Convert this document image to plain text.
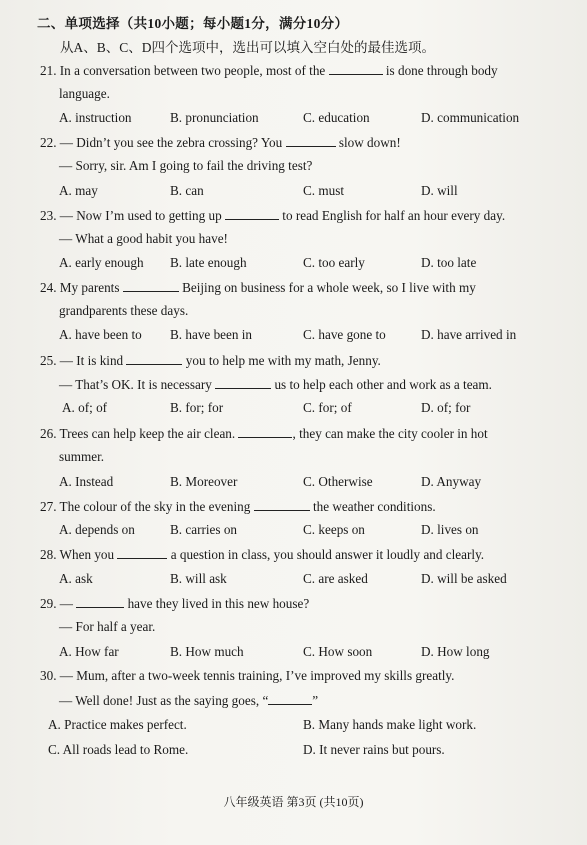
二、单项选择（共10小题；每小题1分，满分10分）
从A、B、C、D四个选项中，选出可以填入空白处的最佳选项。
21. In a conversation between two people, most of the	is done through body
language.
A. instruction	B. pronunciation	C. education	D. communication
22. — Didn’t you see the zebra crossing? You	slow down!
— Sorry, sir. Am I going to fail the driving test?
A. may	B. can	C. must	D. will
23. — Now I’m used to getting up	to read English for half an hour every day.
— What a good habit you have!
A. early enough B. late enough	C. too early	D. too late
24. My parents	Beijing on business for a whole week, so I live with my
grandparents these days.
A. have been to B. have been in	C. have gone to	D. have arrived in
25. — It is kind	you to help me with my math, Jenny.
— That’s OK. It is necessary	us to help each other and work as a team.
A. of; of	B. for; for	C. for; of	D. of; for
26. Trees can help keep the air clean.	, they can make the city cooler in hot
summer.
A. Instead	B. Moreover	C. Otherwise	D. Anyway
27. The colour of the sky in the evening	the weather conditions.
A. depends on	B. carries on	C. keeps on	D. lives on
28. When you	a question in class, you should answer it loudly and clearly.
A. ask	B. will ask	C. are asked	D. will be asked
29. —	have they lived in this new house?
— For half a year.
A. How far	B. How much	C. How soon	D. How long
30. — Mum, after a two-week tennis training, I’ve improved my skills greatly.
— Well done! Just as the saying goes, “	”
A. Practice makes perfect.	B. Many hands make light work.
C. All roads lead to Rome.	D. It never rains but pours.
八年级英语 第3页 (共10页)
